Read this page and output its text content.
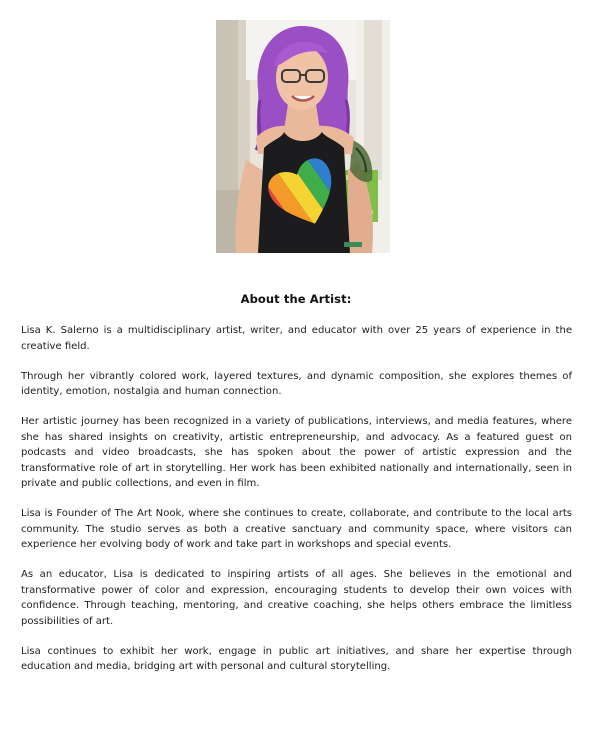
About the Artist:

Lisa K. Salerno is a multidisciplinary artist, writer, and educator with over 25 years of experience in the creative field.

Through her vibrantly colored work, layered textures, and dynamic composition, she explores themes of identity, emotion, nostalgia and human connection.

Her artistic journey has been recognized in a variety of publications, interviews, and media features, where she has shared insights on creativity, artistic entrepreneurship, and advocacy. As a featured guest on podcasts and video broadcasts, she has spoken about the power of artistic expression and the transformative role of art in storytelling. Her work has been exhibited nationally and internationally, seen in private and public collections, and even in film.

Lisa is Founder of The Art Nook, where she continues to create, collaborate, and contribute to the local arts community. The studio serves as both a creative sanctuary and community space, where visitors can experience her evolving body of work and take part in workshops and special events.

As an educator, Lisa is dedicated to inspiring artists of all ages. She believes in the emotional and transformative power of color and expression, encouraging students to develop their own voices with confidence. Through teaching, mentoring, and creative coaching, she helps others embrace the limitless possibilities of art.

Lisa continues to exhibit her work, engage in public art initiatives, and share her expertise through education and media, bridging art with personal and cultural storytelling.
